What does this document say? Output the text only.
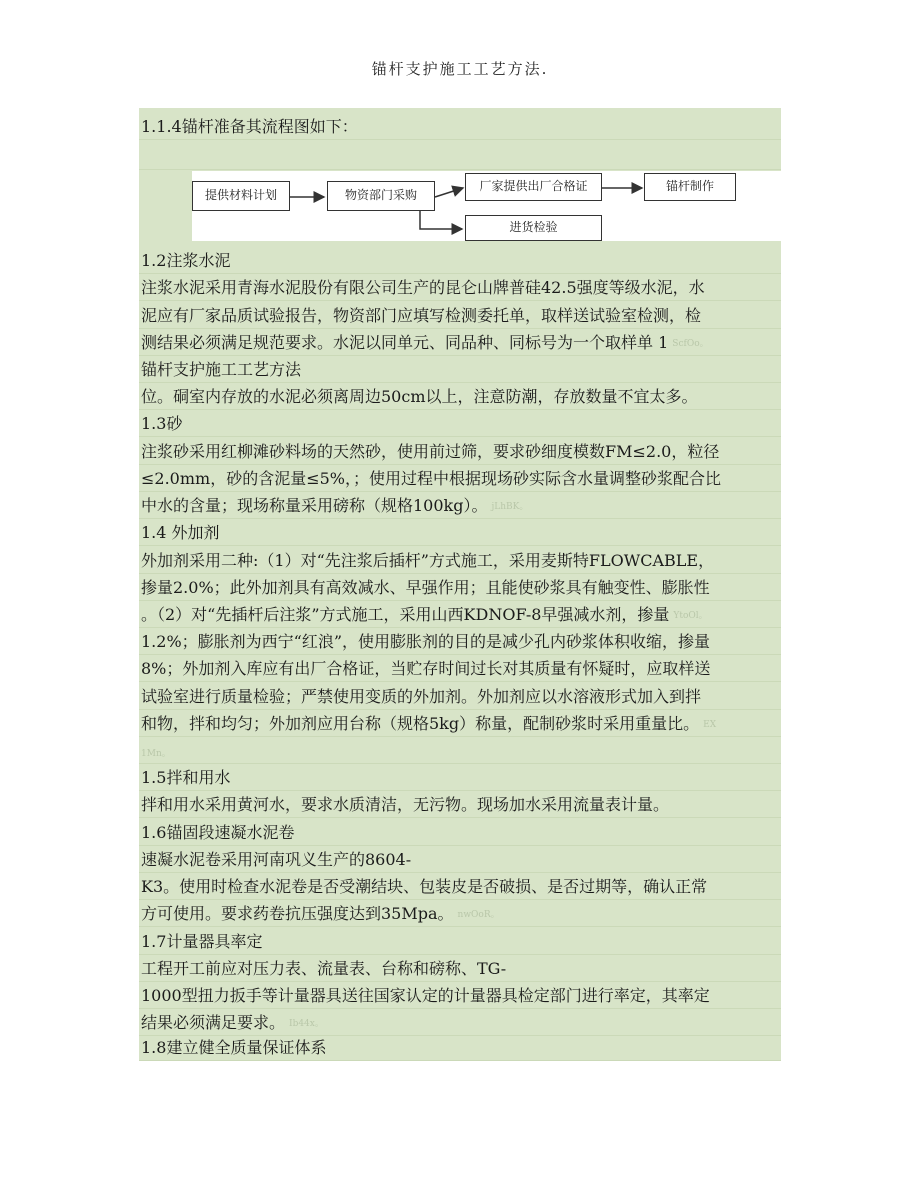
锚杆支护施工工艺方法.
1.1.4锚杆准备其流程图如下：
提供材料计划	物资部门采购
厂家提供出厂合格证	锚杆制作
进货检验
1.2注浆水泥
注浆水泥采用青海水泥股份有限公司生产的昆仑山牌普硅42.5强度等级水泥，水
泥应有厂家品质试验报告，物资部门应填写检测委托单，取样送试验室检测，检
测结果必须满足规范要求。水泥以同单元、同品种、同标号为一个取样单 1 ScfOo。
锚杆支护施工工艺方法
位。硐室内存放的水泥必须离周边50cm以上，注意防潮，存放数量不宜太多。
1.3砂
注浆砂采用红柳滩砂料场的天然砂，使用前过筛，要求砂细度模数FM≤2.0，粒径
≤2.0mm，砂的含泥量≤5%，；使用过程中根据现场砂实际含水量调整砂浆配合比
中水的含量；现场称量采用磅称（规格100kg）。 jLhBK。
1.4 外加剂
外加剂采用二种:（1）对“先注浆后插杆”方式施工，采用麦斯特FLOWCABLE，
掺量2.0%；此外加剂具有高效减水、早强作用；且能使砂浆具有触变性、膨胀性
。（2）对“先插杆后注浆”方式施工，采用山西KDNOF-8早强减水剂，掺量 YtoOl。
1.2%；膨胀剂为西宁“红浪”，使用膨胀剂的目的是减少孔内砂浆体积收缩，掺量
8%；外加剂入库应有出厂合格证，当贮存时间过长对其质量有怀疑时，应取样送
试验室进行质量检验；严禁使用变质的外加剂。外加剂应以水溶液形式加入到拌
和物，拌和均匀；外加剂应用台称（规格5kg）称量，配制砂浆时采用重量比。 EX
1Mn。
1.5拌和用水
拌和用水采用黄河水，要求水质清洁，无污物。现场加水采用流量表计量。
1.6锚固段速凝水泥卷
速凝水泥卷采用河南巩义生产的8604-
K3。使用时检查水泥卷是否受潮结块、包装皮是否破损、是否过期等，确认正常
方可使用。要求药卷抗压强度达到35Mpa。 nwOoR。
1.7计量器具率定
工程开工前应对压力表、流量表、台称和磅称、TG-
1000型扭力扳手等计量器具送往国家认定的计量器具检定部门进行率定，其率定
结果必须满足要求。 Ib44x。
1.8建立健全质量保证体系
